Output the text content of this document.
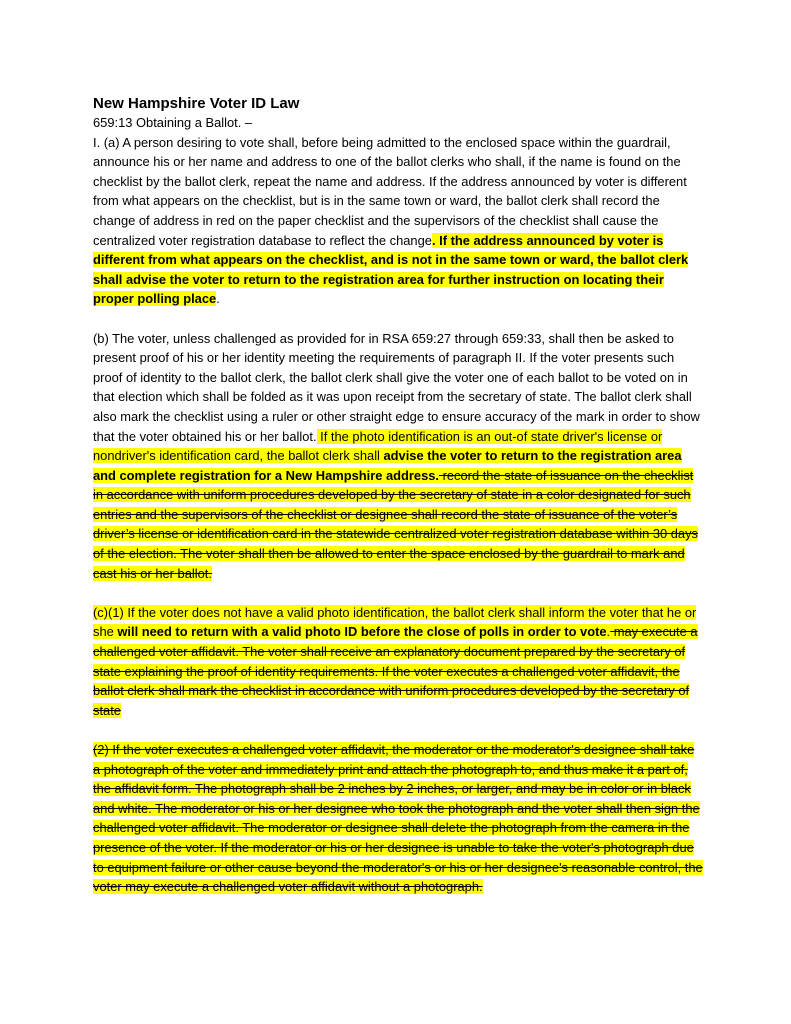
New Hampshire Voter ID Law

659:13 Obtaining a Ballot. –

I. (a) A person desiring to vote shall, before being admitted to the enclosed space within the guardrail, announce his or her name and address to one of the ballot clerks who shall, if the name is found on the checklist by the ballot clerk, repeat the name and address. If the address announced by voter is different from what appears on the checklist, but is in the same town or ward, the ballot clerk shall record the change of address in red on the paper checklist and the supervisors of the checklist shall cause the centralized voter registration database to reflect the change. If the address announced by voter is different from what appears on the checklist, and is not in the same town or ward, the ballot clerk shall advise the voter to return to the registration area for further instruction on locating their proper polling place.

(b) The voter, unless challenged as provided for in RSA 659:27 through 659:33, shall then be asked to present proof of his or her identity meeting the requirements of paragraph II. If the voter presents such proof of identity to the ballot clerk, the ballot clerk shall give the voter one of each ballot to be voted on in that election which shall be folded as it was upon receipt from the secretary of state. The ballot clerk shall also mark the checklist using a ruler or other straight edge to ensure accuracy of the mark in order to show that the voter obtained his or her ballot. If the photo identification is an out-of state driver's license or nondriver's identification card, the ballot clerk shall advise the voter to return to the registration area and complete registration for a New Hampshire address. record the state of issuance on the checklist in accordance with uniform procedures developed by the secretary of state in a color designated for such entries and the supervisors of the checklist or designee shall record the state of issuance of the voter’s driver’s license or identification card in the statewide centralized voter registration database within 30 days of the election. The voter shall then be allowed to enter the space enclosed by the guardrail to mark and cast his or her ballot.

(c)(1) If the voter does not have a valid photo identification, the ballot clerk shall inform the voter that he or she will need to return with a valid photo ID before the close of polls in order to vote. may execute a challenged voter affidavit. The voter shall receive an explanatory document prepared by the secretary of state explaining the proof of identity requirements. If the voter executes a challenged voter affidavit, the ballot clerk shall mark the checklist in accordance with uniform procedures developed by the secretary of state

(2) If the voter executes a challenged voter affidavit, the moderator or the moderator's designee shall take a photograph of the voter and immediately print and attach the photograph to, and thus make it a part of, the affidavit form. The photograph shall be 2 inches by 2 inches, or larger, and may be in color or in black and white. The moderator or his or her designee who took the photograph and the voter shall then sign the challenged voter affidavit. The moderator or designee shall delete the photograph from the camera in the presence of the voter. If the moderator or his or her designee is unable to take the voter's photograph due to equipment failure or other cause beyond the moderator's or his or her designee's reasonable control, the voter may execute a challenged voter affidavit without a photograph.
